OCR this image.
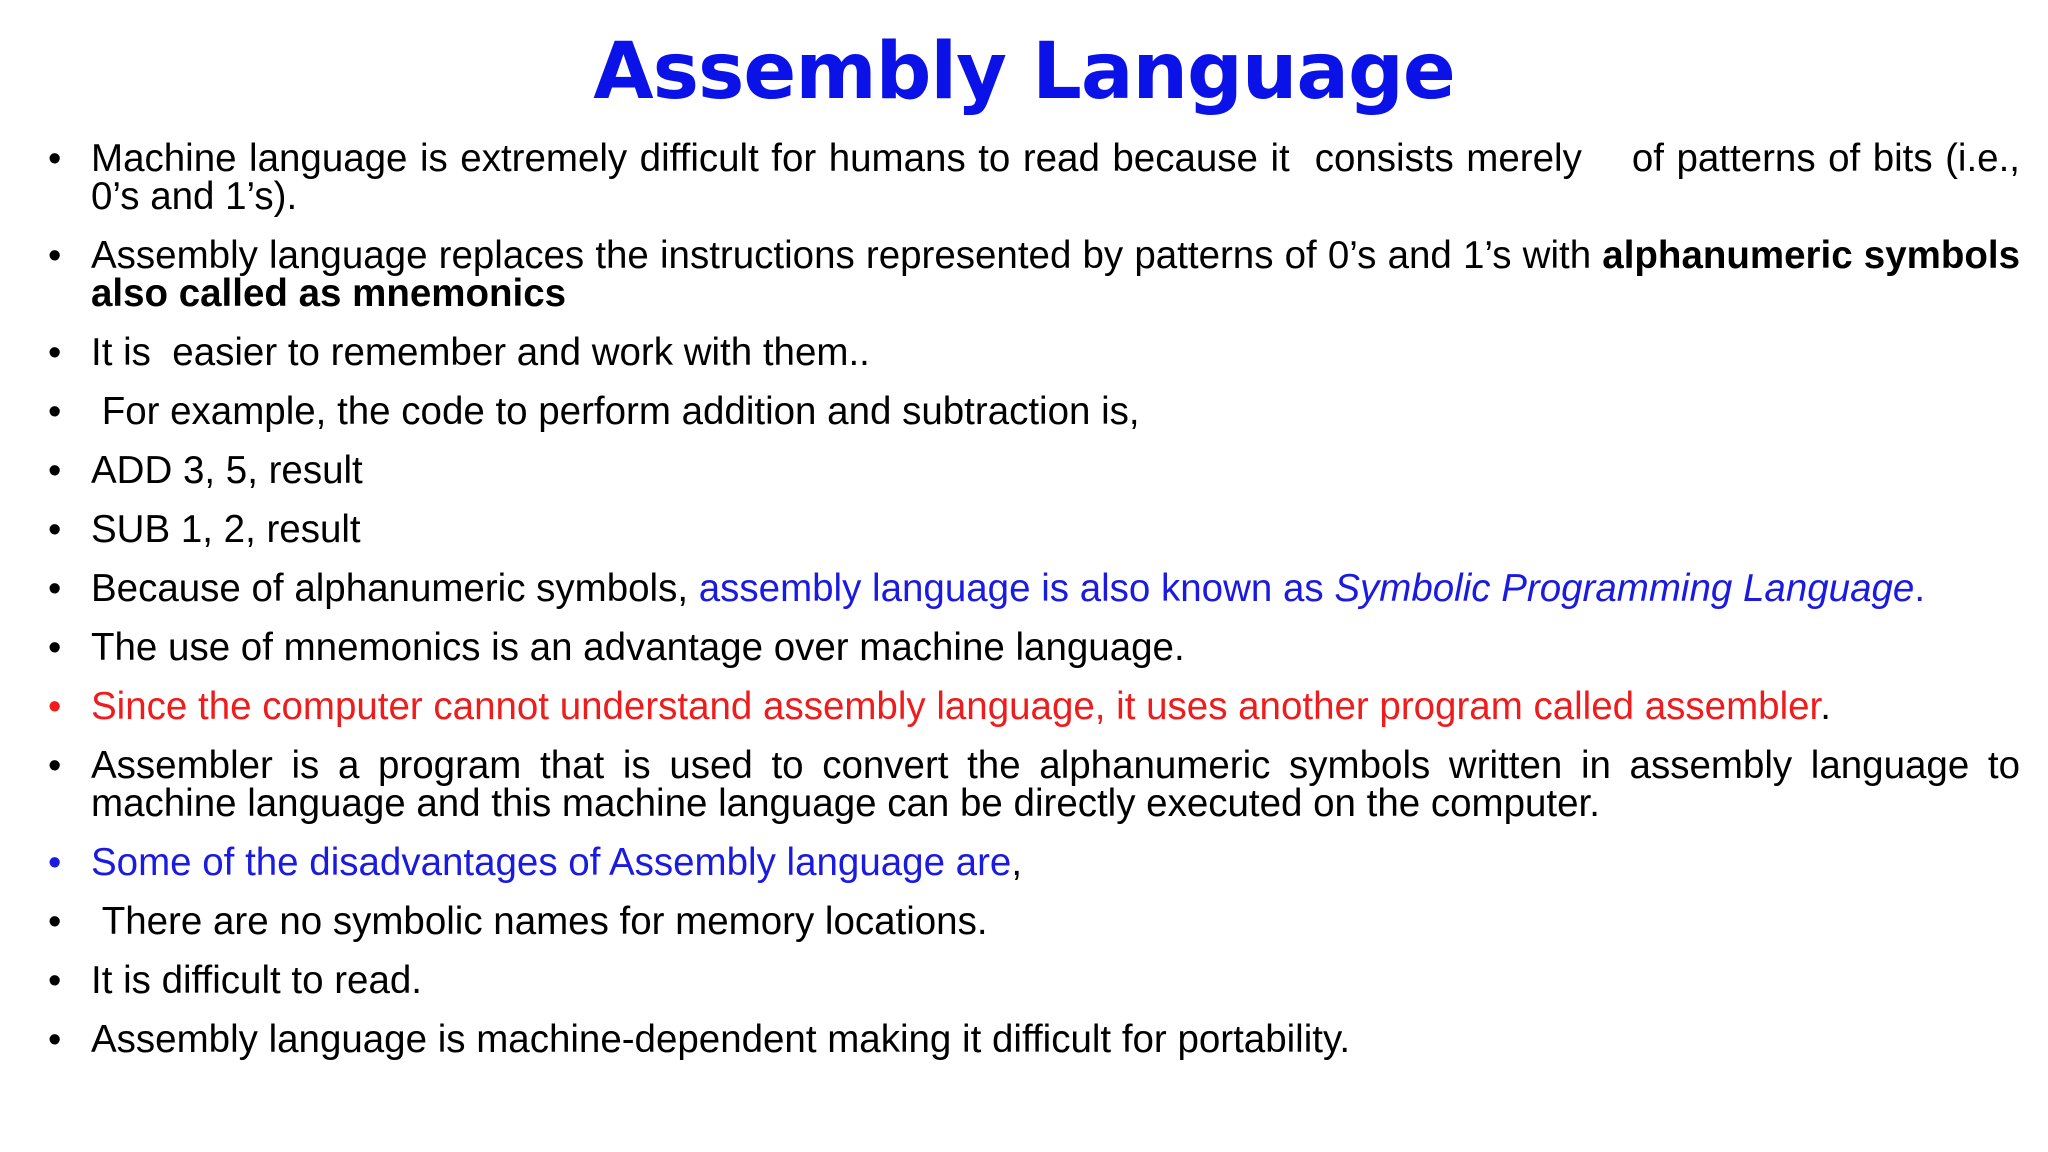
Assembly Language
• Machine language is extremely difficult for humans to read because it  consists merely    of patterns of bits (i.e., 0’s and 1’s).
• Assembly language replaces the instructions represented by patterns of 0’s and 1’s with alphanumeric symbols also called as mnemonics
• It is  easier to remember and work with them..
• For example, the code to perform addition and subtraction is,
• ADD 3, 5, result
• SUB 1, 2, result
• Because of alphanumeric symbols, assembly language is also known as Symbolic Programming Language.
• The use of mnemonics is an advantage over machine language.
• Since the computer cannot understand assembly language, it uses another program called assembler.
• Assembler is a program that is used to convert the alphanumeric symbols written in assembly language to machine language and this machine language can be directly executed on the computer.
• Some of the disadvantages of Assembly language are,
• There are no symbolic names for memory locations.
• It is difficult to read.
• Assembly language is machine-dependent making it difficult for portability.
